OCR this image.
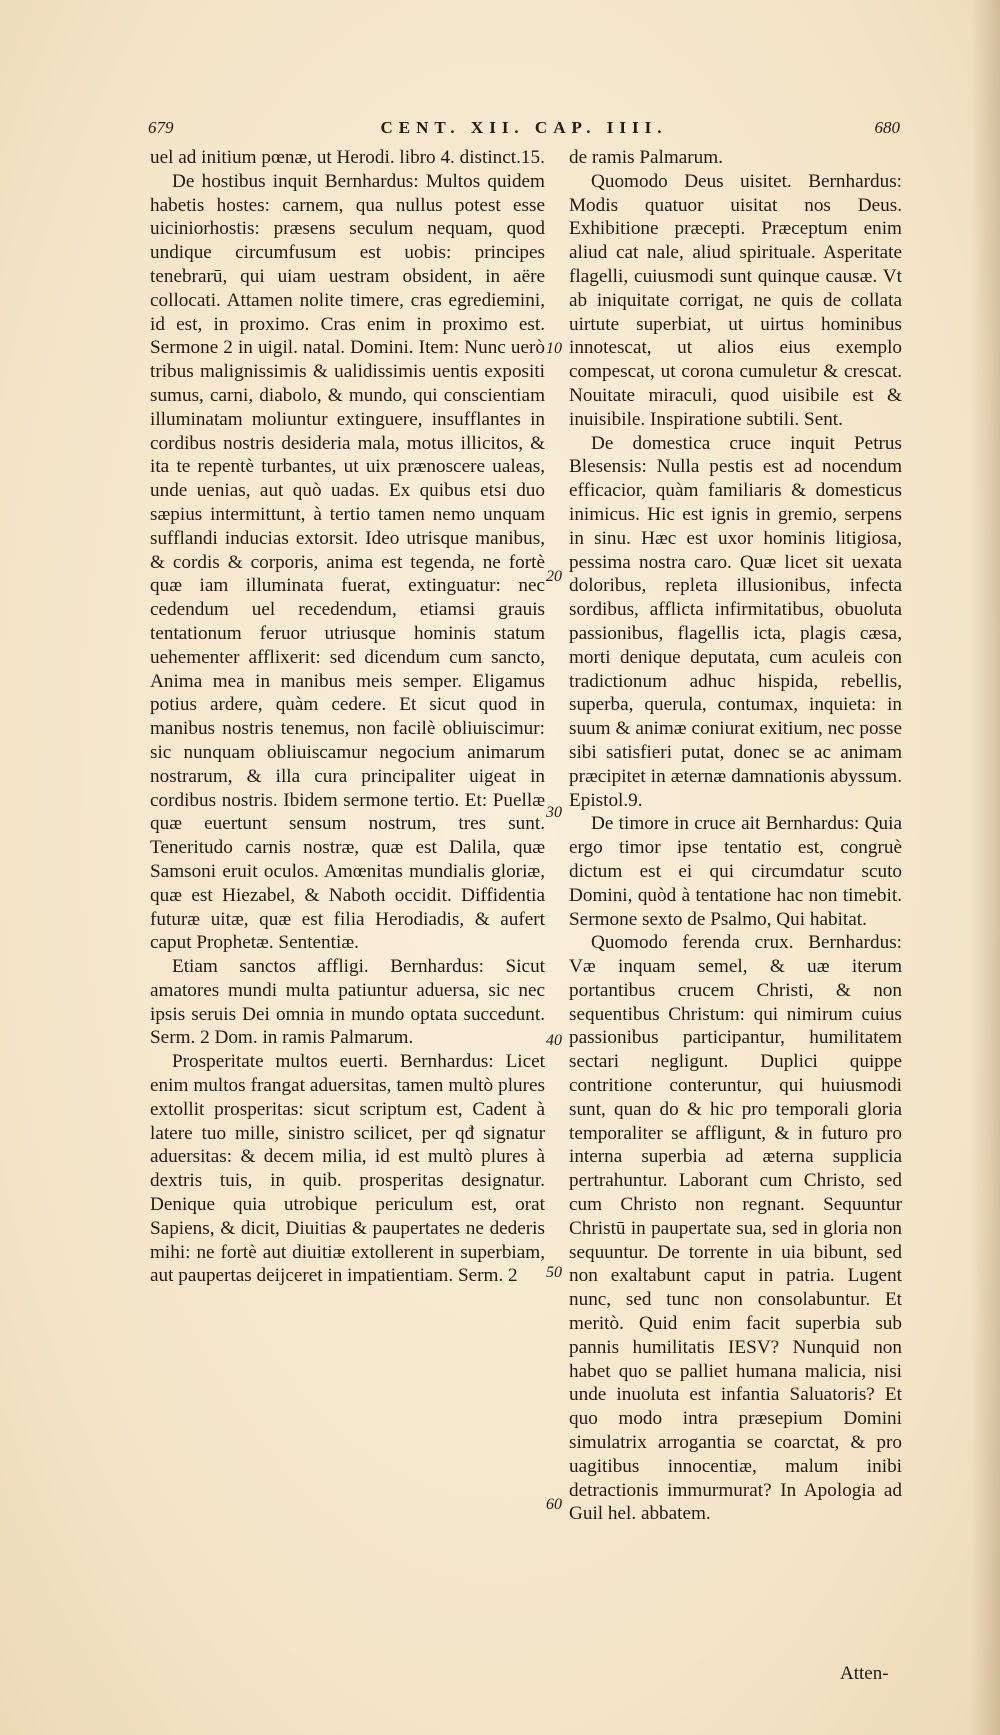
679	CENT. XII. CAP. IIII.	680

uel ad initium pœnæ, ut Herodi. libro 4. distinct.15.

De hostibus inquit Bernhardus: Multos quidem habetis hostes: carnem, qua nullus potest esse uiciniorhostis: præsens seculum nequam, quod undique circumfusum est uobis: principes tenebrarū, qui uiam uestram obsident, in aëre collocati. Attamen nolite timere, cras egrediemini, id est, in proximo. Cras enim in proximo est. Sermone 2 in uigil. natal. Domini. Item: Nunc uerò tribus malignissimis & ualidissimis uentis expositi sumus, carni, diabolo, & mundo, qui conscientiam illuminatam moliuntur extinguere, insufflantes in cordibus nostris desideria mala, motus illicitos, & ita te repentè turbantes, ut uix prænoscere ualeas, unde uenias, aut quò uadas. Ex quibus etsi duo sæpius intermittunt, à tertio tamen nemo unquam sufflandi inducias extorsit. Ideo utrisque manibus, & cordis & corporis, anima est tegenda, ne fortè quæ iam illuminata fuerat, extinguatur: nec cedendum uel recedendum, etiamsi grauis tentationum feruor utriusque hominis statum uehementer afflixerit: sed dicendum cum sancto, Anima mea in manibus meis semper. Eligamus potius ardere, quàm cedere. Et sicut quod in manibus nostris tenemus, non facilè obliuiscimur: sic nunquam obliuiscamur negocium animarum nostrarum, & illa cura principaliter uigeat in cordibus nostris. Ibidem sermone tertio. Et: Puellæ quæ euertunt sensum nostrum, tres sunt. Teneritudo carnis nostræ, quæ est Dalila, quæ Samsoni eruit oculos. Amœnitas mundialis gloriæ, quæ est Hiezabel, & Naboth occidit. Diffidentia futuræ uitæ, quæ est filia Herodiadis, & aufert caput Prophetæ. Sententiæ.

Etiam sanctos affligi. Bernhardus: Sicut amatores mundi multa patiuntur aduersa, sic nec ipsis seruis Dei omnia in mundo optata succedunt. Serm. 2 Dom. in ramis Palmarum.

Prosperitate multos euerti. Bernhardus: Licet enim multos frangat aduersitas, tamen multò plures extollit prosperitas: sicut scriptum est, Cadent à latere tuo mille, sinistro scilicet, per qđ signatur aduersitas: & decem milia, id est multò plures à dextris tuis, in quib. prosperitas designatur. Denique quia utrobique periculum est, orat Sapiens, & dicit, Diuitias & paupertates ne dederis mihi: ne fortè aut diuitiæ extollerent in superbiam, aut paupertas deijceret in impatientiam. Serm. 2

de ramis Palmarum.

Quomodo Deus uisitet. Bernhardus: Modis quatuor uisitat nos Deus. Exhibitione præcepti. Præceptum enim aliud cat nale, aliud spirituale. Asperitate flagelli, cuiusmodi sunt quinque causæ. Vt ab iniquitate corrigat, ne quis de collata uirtute superbiat, ut uirtus hominibus innotescat, ut alios eius exemplo compescat, ut corona cumuletur & crescat. Nouitate miraculi, quod uisibile est & inuisibile. Inspiratione subtili. Sent.

De domestica cruce inquit Petrus Blesensis: Nulla pestis est ad nocendum efficacior, quàm familiaris & domesticus inimicus. Hic est ignis in gremio, serpens in sinu. Hæc est uxor hominis litigiosa, pessima nostra caro. Quæ licet sit uexata doloribus, repleta illusionibus, infecta sordibus, afflicta infirmitatibus, obuoluta passionibus, flagellis icta, plagis cæsa, morti denique deputata, cum aculeis con tradictionum adhuc hispida, rebellis, superba, querula, contumax, inquieta: in suum & animæ coniurat exitium, nec posse sibi satisfieri putat, donec se ac animam præcipitet in æternæ damnationis abyssum. Epistol.9.

De timore in cruce ait Bernhardus: Quia ergo timor ipse tentatio est, congruè dictum est ei qui circumdatur scuto Domini, quòd à tentatione hac non timebit. Sermone sexto de Psalmo, Qui habitat.

Quomodo ferenda crux. Bernhardus: Væ inquam semel, & uæ iterum portantibus crucem Christi, & non sequentibus Christum: qui nimirum cuius passionibus participantur, humilitatem sectari negligunt. Duplici quippe contritione conteruntur, qui huiusmodi sunt, quan do & hic pro temporali gloria temporaliter se affligunt, & in futuro pro interna superbia ad æterna supplicia pertrahuntur. Laborant cum Christo, sed cum Christo non regnant. Sequuntur Christū in paupertate sua, sed in gloria non sequuntur. De torrente in uia bibunt, sed non exaltabunt caput in patria. Lugent nunc, sed tunc non consolabuntur. Et meritò. Quid enim facit superbia sub pannis humilitatis IESV? Nunquid non habet quo se palliet humana malicia, nisi unde inuoluta est infantia Saluatoris? Et quo modo intra præsepium Domini simulatrix arrogantia se coarctat, & pro uagitibus innocentiæ, malum inibi detractionis immurmurat? In Apologia ad Guil hel. abbatem.

10
20
30
40
50
60
Atten-
